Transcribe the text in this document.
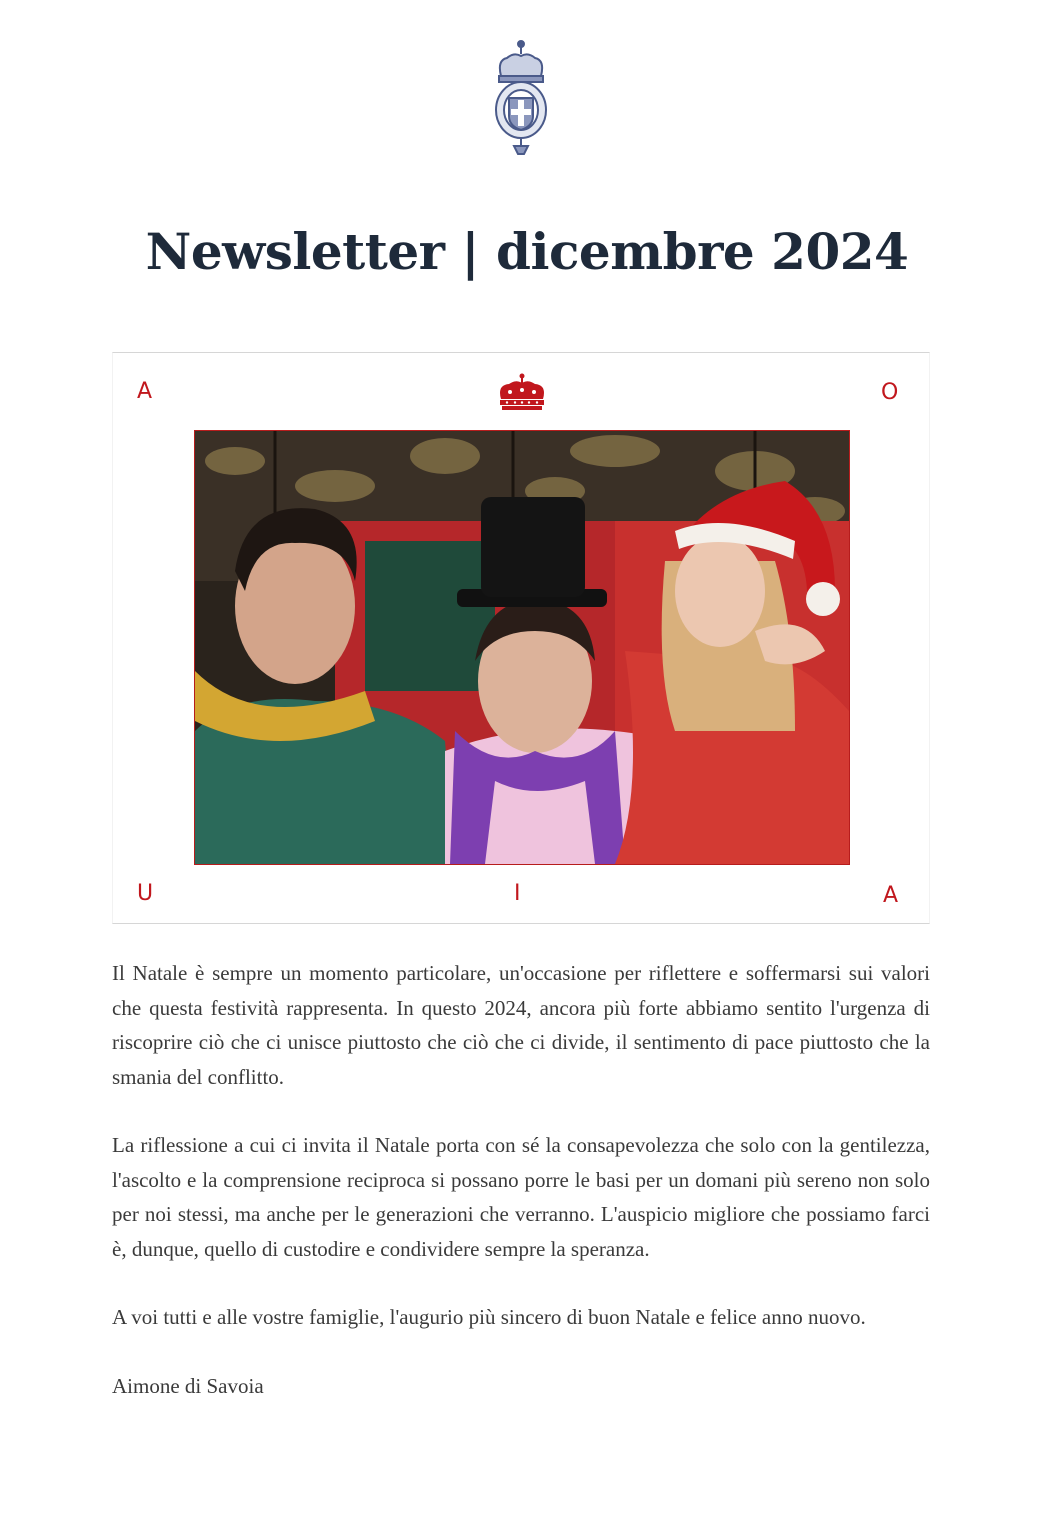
Newsletter | dicembre 2024
A	O
U	I	A

Il Natale è sempre un momento particolare, un'occasione per riflettere e soffermarsi sui valori che questa festività rappresenta. In questo 2024, ancora più forte abbiamo sentito l'urgenza di riscoprire ciò che ci unisce piuttosto che ciò che ci divide, il sentimento di pace piuttosto che la smania del conflitto.

La riflessione a cui ci invita il Natale porta con sé la consapevolezza che solo con la gentilezza, l'ascolto e la comprensione reciproca si possano porre le basi per un domani più sereno non solo per noi stessi, ma anche per le generazioni che verranno. L'auspicio migliore che possiamo farci è, dunque, quello di custodire e condividere sempre la speranza.

A voi tutti e alle vostre famiglie, l'augurio più sincero di buon Natale e felice anno nuovo.

Aimone di Savoia
